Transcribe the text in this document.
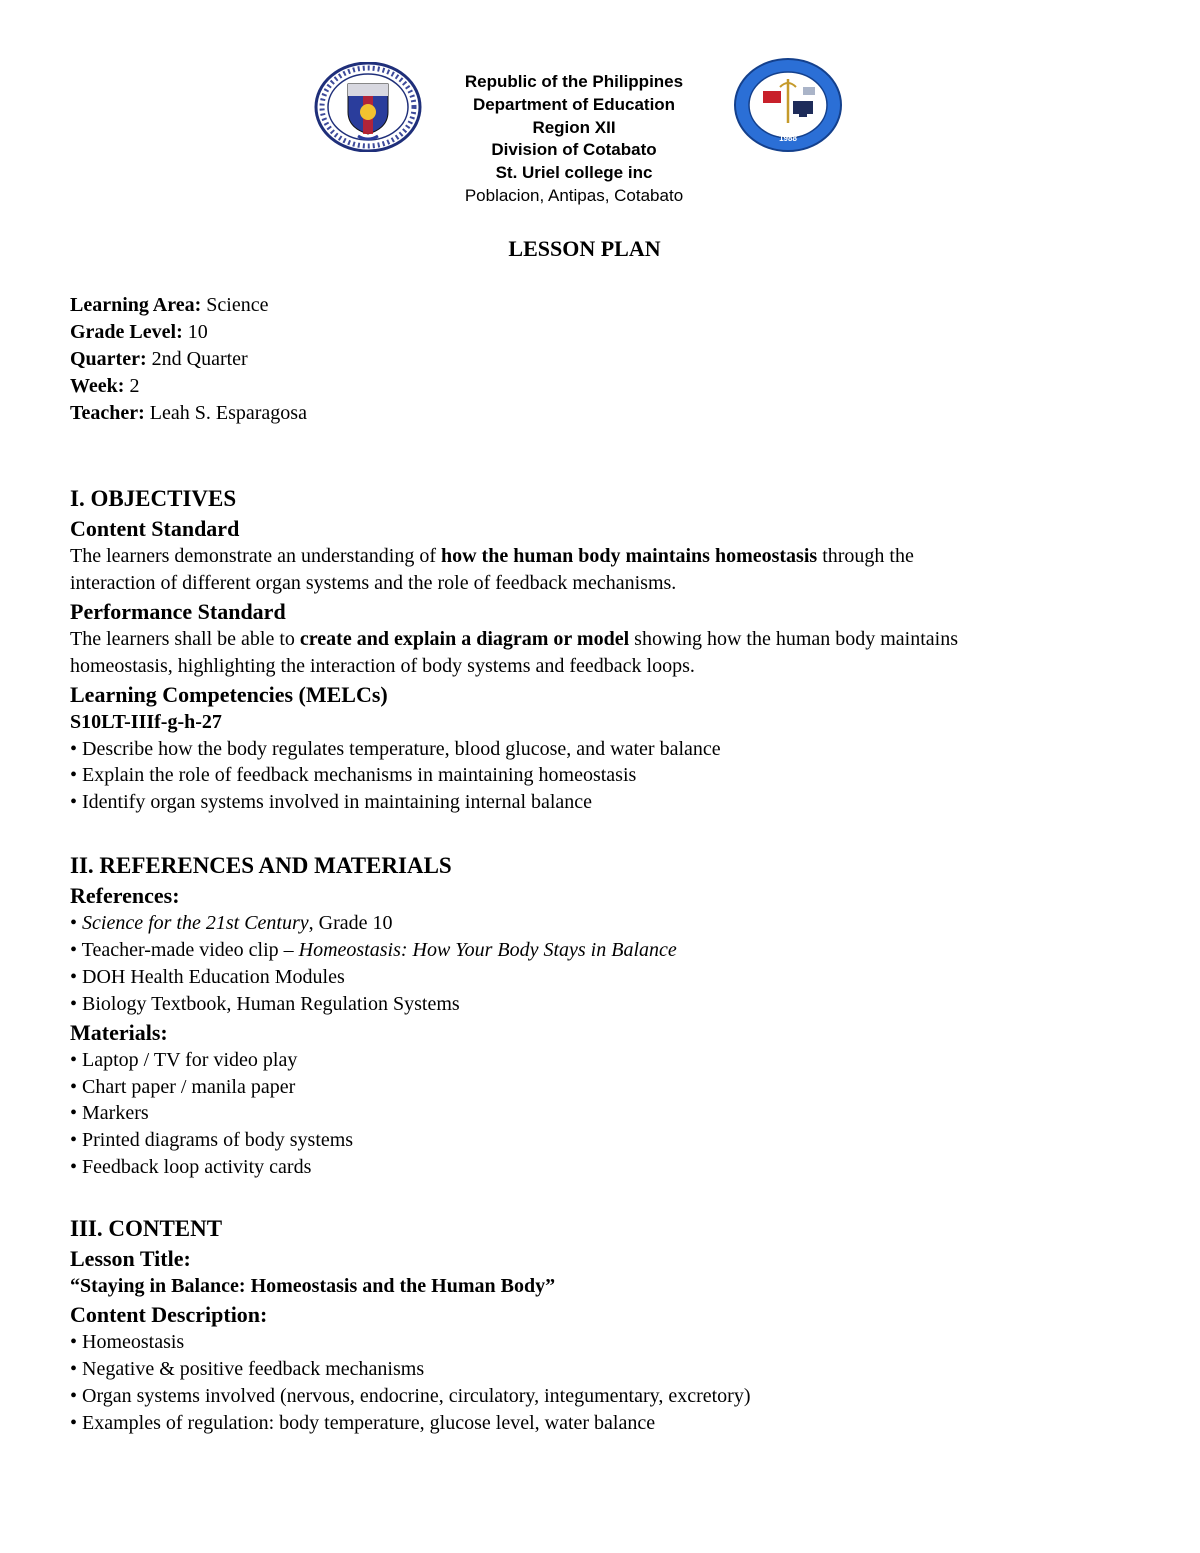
Republic of the Philippines
Department of Education
Region XII
Division of Cotabato
St. Uriel college inc
Poblacion, Antipas, Cotabato
1988
LESSON PLAN
Learning Area: Science
Grade Level: 10
Quarter: 2nd Quarter
Week: 2
Teacher: Leah S. Esparagosa
I. OBJECTIVES
Content Standard
The learners demonstrate an understanding of how the human body maintains homeostasis through the
interaction of different organ systems and the role of feedback mechanisms.
Performance Standard
The learners shall be able to create and explain a diagram or model showing how the human body maintains
homeostasis, highlighting the interaction of body systems and feedback loops.
Learning Competencies (MELCs)
S10LT-IIIf-g-h-27
• Describe how the body regulates temperature, blood glucose, and water balance
• Explain the role of feedback mechanisms in maintaining homeostasis
• Identify organ systems involved in maintaining internal balance
II. REFERENCES AND MATERIALS
References:
• Science for the 21st Century, Grade 10
• Teacher-made video clip – Homeostasis: How Your Body Stays in Balance
• DOH Health Education Modules
• Biology Textbook, Human Regulation Systems
Materials:
• Laptop / TV for video play
• Chart paper / manila paper
• Markers
• Printed diagrams of body systems
• Feedback loop activity cards
III. CONTENT
Lesson Title:
“Staying in Balance: Homeostasis and the Human Body”
Content Description:
• Homeostasis
• Negative & positive feedback mechanisms
• Organ systems involved (nervous, endocrine, circulatory, integumentary, excretory)
• Examples of regulation: body temperature, glucose level, water balance
